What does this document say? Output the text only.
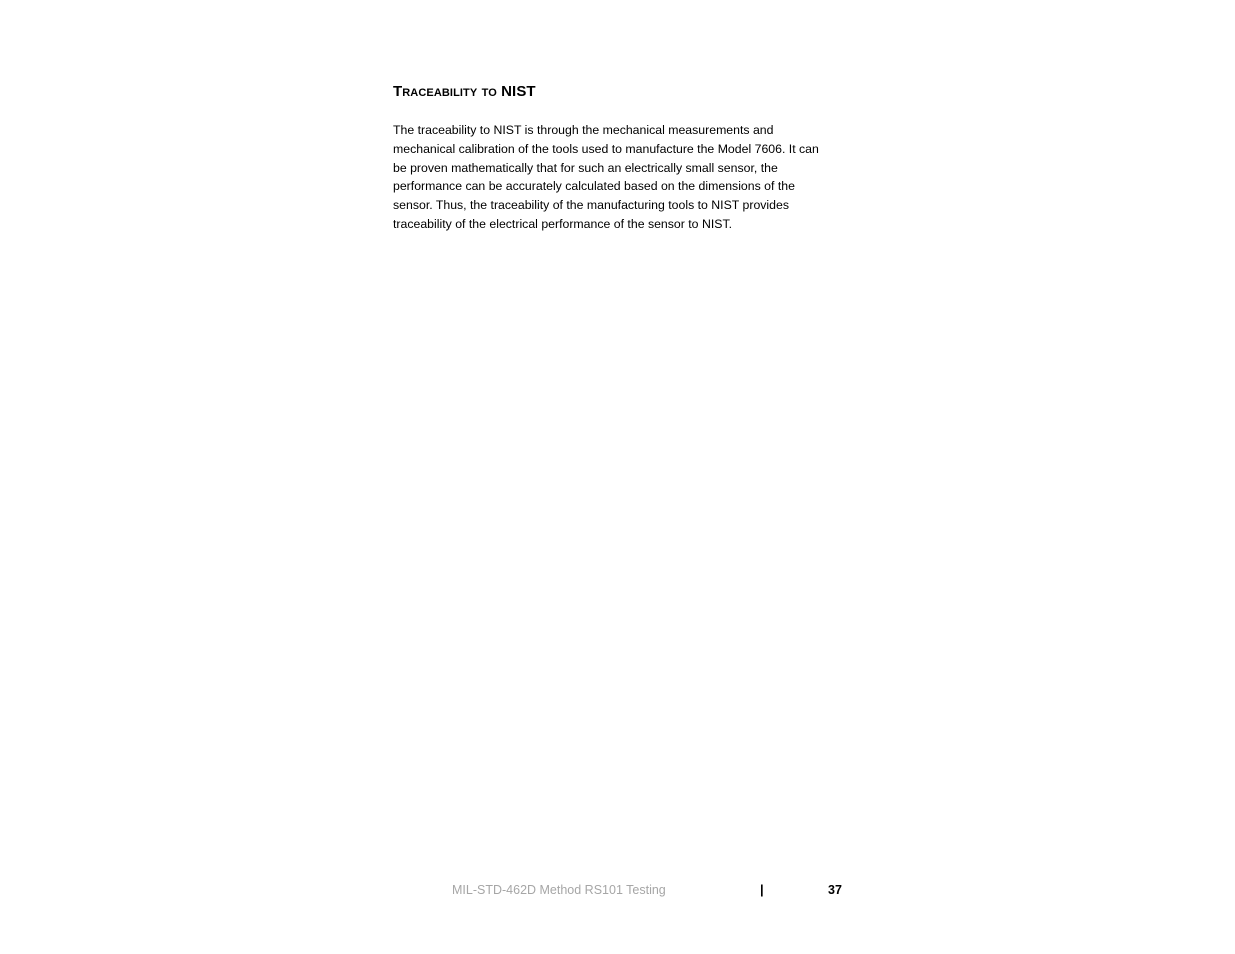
Traceability to NIST

The traceability to NIST is through the mechanical measurements and
mechanical calibration of the tools used to manufacture the Model 7606. It can
be proven mathematically that for such an electrically small sensor, the
performance can be accurately calculated based on the dimensions of the
sensor. Thus, the traceability of the manufacturing tools to NIST provides
traceability of the electrical performance of the sensor to NIST.

MIL-STD-462D Method RS101 Testing	|	37
